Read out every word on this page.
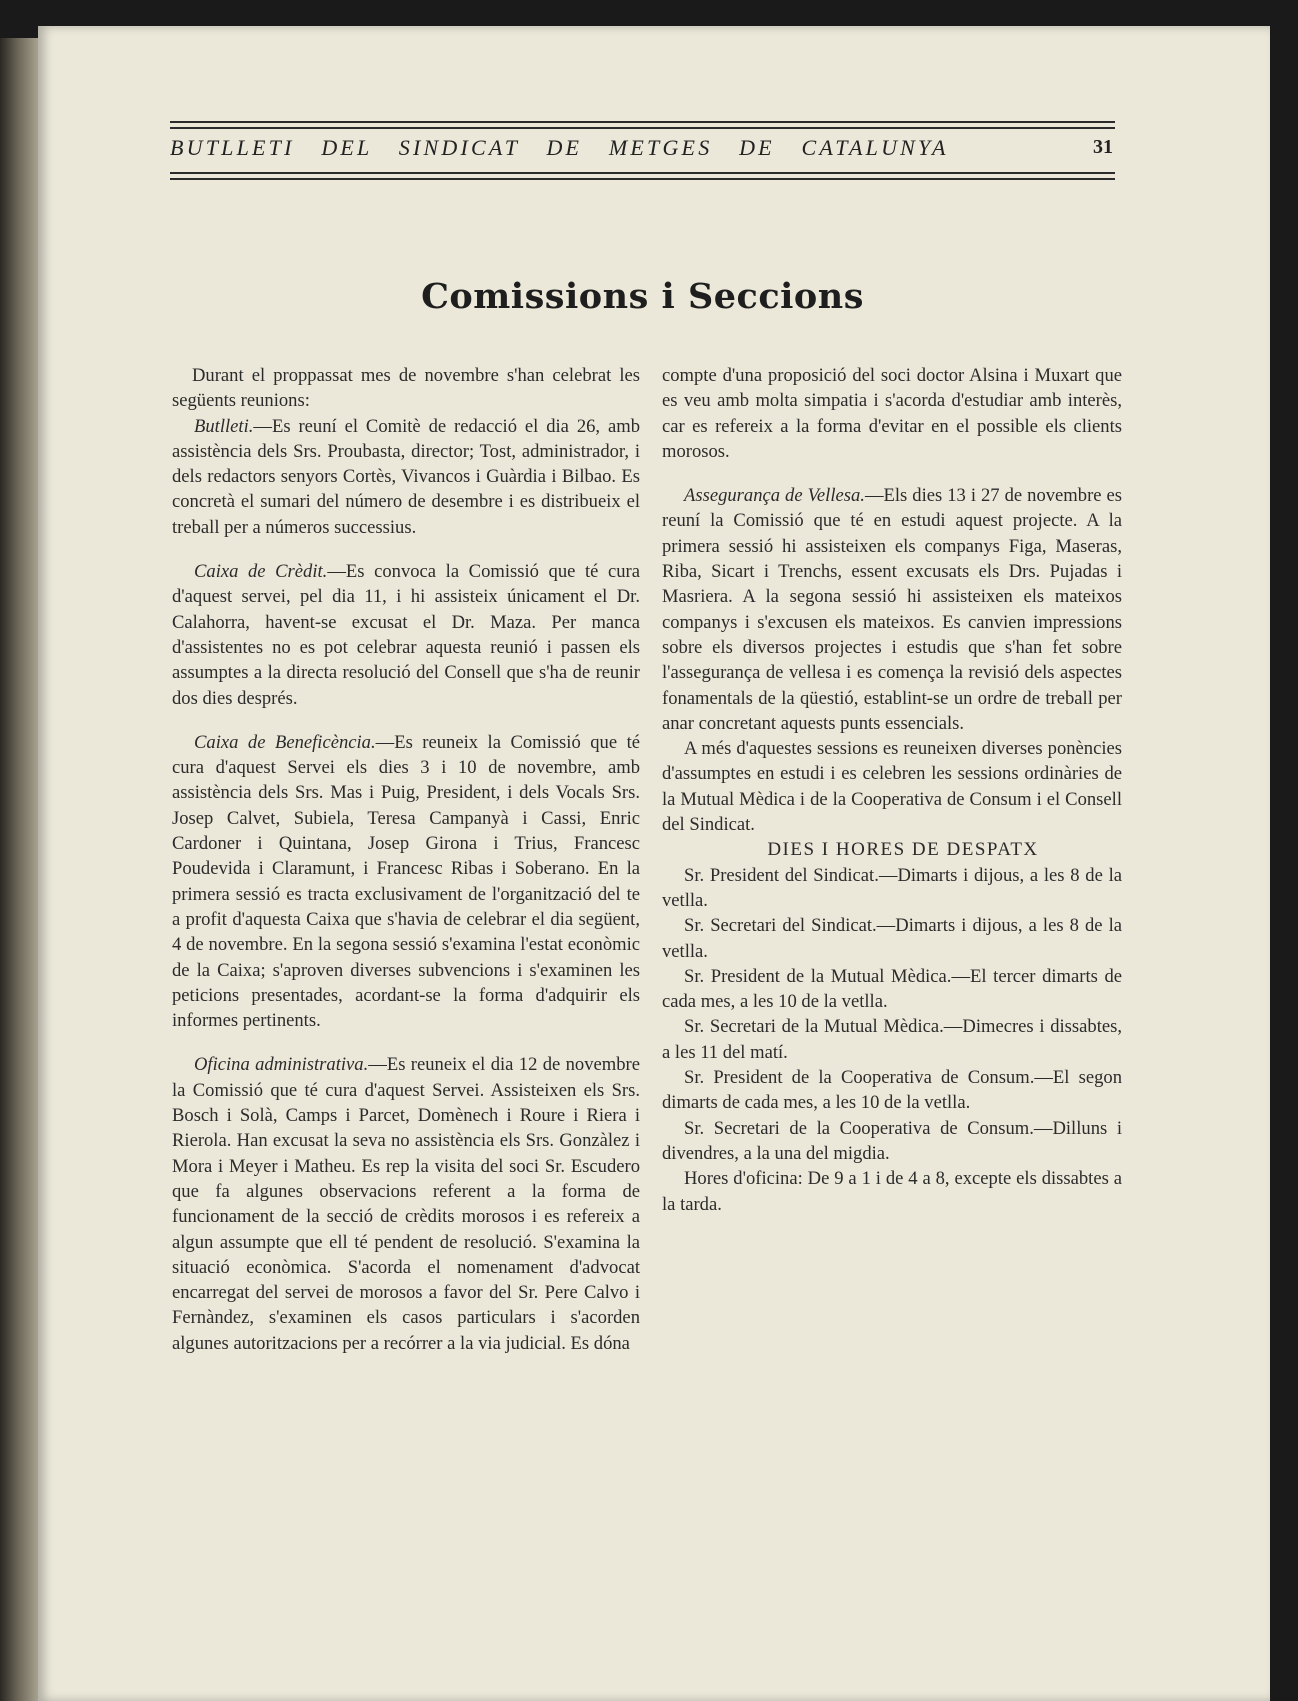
BUTLLETI DEL SINDICAT DE METGES DE CATALUNYA	31
Comissions i Seccions

Durant el proppassat mes de novembre s'han celebrat les següents reunions:

Butlleti.—Es reuní el Comitè de redacció el dia 26, amb assistència dels Srs. Proubasta, director; Tost, administrador, i dels redactors senyors Cortès, Vivancos i Guàrdia i Bilbao. Es concretà el sumari del número de desembre i es distribueix el treball per a números successius.

Caixa de Crèdit.—Es convoca la Comissió que té cura d'aquest servei, pel dia 11, i hi assisteix únicament el Dr. Calahorra, havent-se excusat el Dr. Maza. Per manca d'assistentes no es pot celebrar aquesta reunió i passen els assumptes a la directa resolució del Consell que s'ha de reunir dos dies després.

Caixa de Beneficència.—Es reuneix la Comissió que té cura d'aquest Servei els dies 3 i 10 de novembre, amb assistència dels Srs. Mas i Puig, President, i dels Vocals Srs. Josep Calvet, Subiela, Teresa Campanyà i Cassi, Enric Cardoner i Quintana, Josep Girona i Trius, Francesc Poudevida i Claramunt, i Francesc Ribas i Soberano. En la primera sessió es tracta exclusivament de l'organització del te a profit d'aquesta Caixa que s'havia de celebrar el dia següent, 4 de novembre. En la segona sessió s'examina l'estat econòmic de la Caixa; s'aproven diverses subvencions i s'examinen les peticions presentades, acordant-se la forma d'adquirir els informes pertinents.

Oficina administrativa.—Es reuneix el dia 12 de novembre la Comissió que té cura d'aquest Servei. Assisteixen els Srs. Bosch i Solà, Camps i Parcet, Domènech i Roure i Riera i Rierola. Han excusat la seva no assistència els Srs. Gonzàlez i Mora i Meyer i Matheu. Es rep la visita del soci Sr. Escudero que fa algunes observacions referent a la forma de funcionament de la secció de crèdits morosos i es refereix a algun assumpte que ell té pendent de resolució. S'examina la situació econòmica. S'acorda el nomenament d'advocat encarregat del servei de morosos a favor del Sr. Pere Calvo i Fernàndez, s'examinen els casos particulars i s'acorden algunes autoritzacions per a recórrer a la via judicial. Es dóna

compte d'una proposició del soci doctor Alsina i Muxart que es veu amb molta simpatia i s'acorda d'estudiar amb interès, car es refereix a la forma d'evitar en el possible els clients morosos.

Assegurança de Vellesa.—Els dies 13 i 27 de novembre es reuní la Comissió que té en estudi aquest projecte. A la primera sessió hi assisteixen els companys Figa, Maseras, Riba, Sicart i Trenchs, essent excusats els Drs. Pujadas i Masriera. A la segona sessió hi assisteixen els mateixos companys i s'excusen els mateixos. Es canvien impressions sobre els diversos projectes i estudis que s'han fet sobre l'assegurança de vellesa i es comença la revisió dels aspectes fonamentals de la qüestió, establint-se un ordre de treball per anar concretant aquests punts essencials.

A més d'aquestes sessions es reuneixen diverses ponències d'assumptes en estudi i es celebren les sessions ordinàries de la Mutual Mèdica i de la Cooperativa de Consum i el Consell del Sindicat.

DIES I HORES DE DESPATX

Sr. President del Sindicat.—Dimarts i dijous, a les 8 de la vetlla.

Sr. Secretari del Sindicat.—Dimarts i dijous, a les 8 de la vetlla.

Sr. President de la Mutual Mèdica.—El tercer dimarts de cada mes, a les 10 de la vetlla.

Sr. Secretari de la Mutual Mèdica.—Dimecres i dissabtes, a les 11 del matí.

Sr. President de la Cooperativa de Consum.—El segon dimarts de cada mes, a les 10 de la vetlla.

Sr. Secretari de la Cooperativa de Consum.—Dilluns i divendres, a la una del migdia.

Hores d'oficina: De 9 a 1 i de 4 a 8, excepte els dissabtes a la tarda.
